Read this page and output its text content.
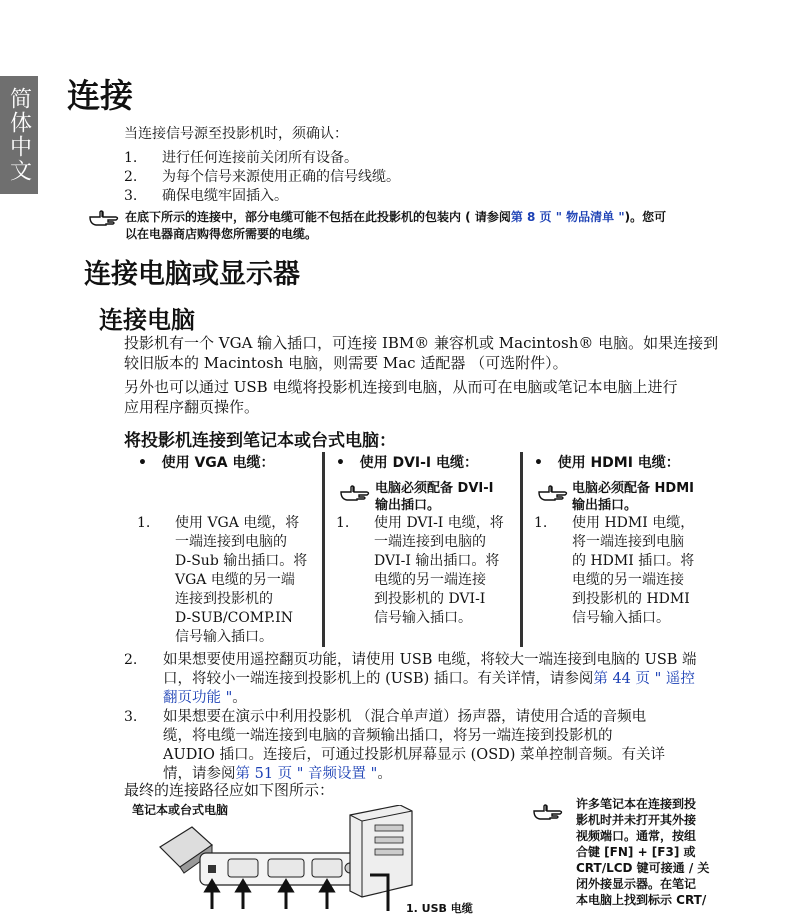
简体中文 连接
当连接信号源至投影机时，须确认：
1. 进行任何连接前关闭所有设备。
2. 为每个信号来源使用正确的信号线缆。
3. 确保电缆牢固插入。
在底下所示的连接中，部分电缆可能不包括在此投影机的包装内 ( 请参阅第 8 页 " 物品清单 ")。您可
以在电器商店购得您所需要的电缆。
连接电脑或显示器
连接电脑
投影机有一个 VGA 输入插口，可连接 IBM® 兼容机或 Macintosh® 电脑。如果连接到
较旧版本的 Macintosh 电脑，则需要 Mac 适配器 （可选附件）。
另外也可以通过 USB 电缆将投影机连接到电脑，从而可在电脑或笔记本电脑上进行
应用程序翻页操作。
将投影机连接到笔记本或台式电脑：
•   使用 VGA 电缆：
1. 使用 VGA 电缆，将
一端连接到电脑的
D-Sub 输出插口。将
VGA 电缆的另一端
连接到投影机的
D-SUB/COMP.IN
信号输入插口。
•   使用 DVI-I 电缆：
电脑必须配备 DVI-I
输出插口。
1. 使用 DVI-I 电缆，将
一端连接到电脑的
DVI-I 输出插口。将
电缆的另一端连接
到投影机的 DVI-I
信号输入插口。
•   使用 HDMI 电缆：
电脑必须配备 HDMI
输出插口。
1. 使用 HDMI 电缆，
将一端连接到电脑
的 HDMI 插口。将
电缆的另一端连接
到投影机的 HDMI
信号输入插口。
2. 如果想要使用遥控翻页功能，请使用 USB 电缆，将较大一端连接到电脑的 USB 端
口，将较小一端连接到投影机上的 (USB) 插口。有关详情，请参阅第 44 页 " 遥控
翻页功能 "。
3. 如果想要在演示中利用投影机 （混合单声道）扬声器，请使用合适的音频电
缆，将电缆一端连接到电脑的音频输出插口，将另一端连接到投影机的
AUDIO 插口。连接后，可通过投影机屏幕显示 (OSD) 菜单控制音频。有关详
情，请参阅第 51 页 " 音频设置 "。
最终的连接路径应如下图所示：
笔记本或台式电脑
1. USB 电缆
许多笔记本在连接到投
影机时并未打开其外接
视频端口。通常，按组
合键 [FN] + [F3] 或
CRT/LCD 键可接通 / 关
闭外接显示器。在笔记
本电脑上找到标示 CRT/
